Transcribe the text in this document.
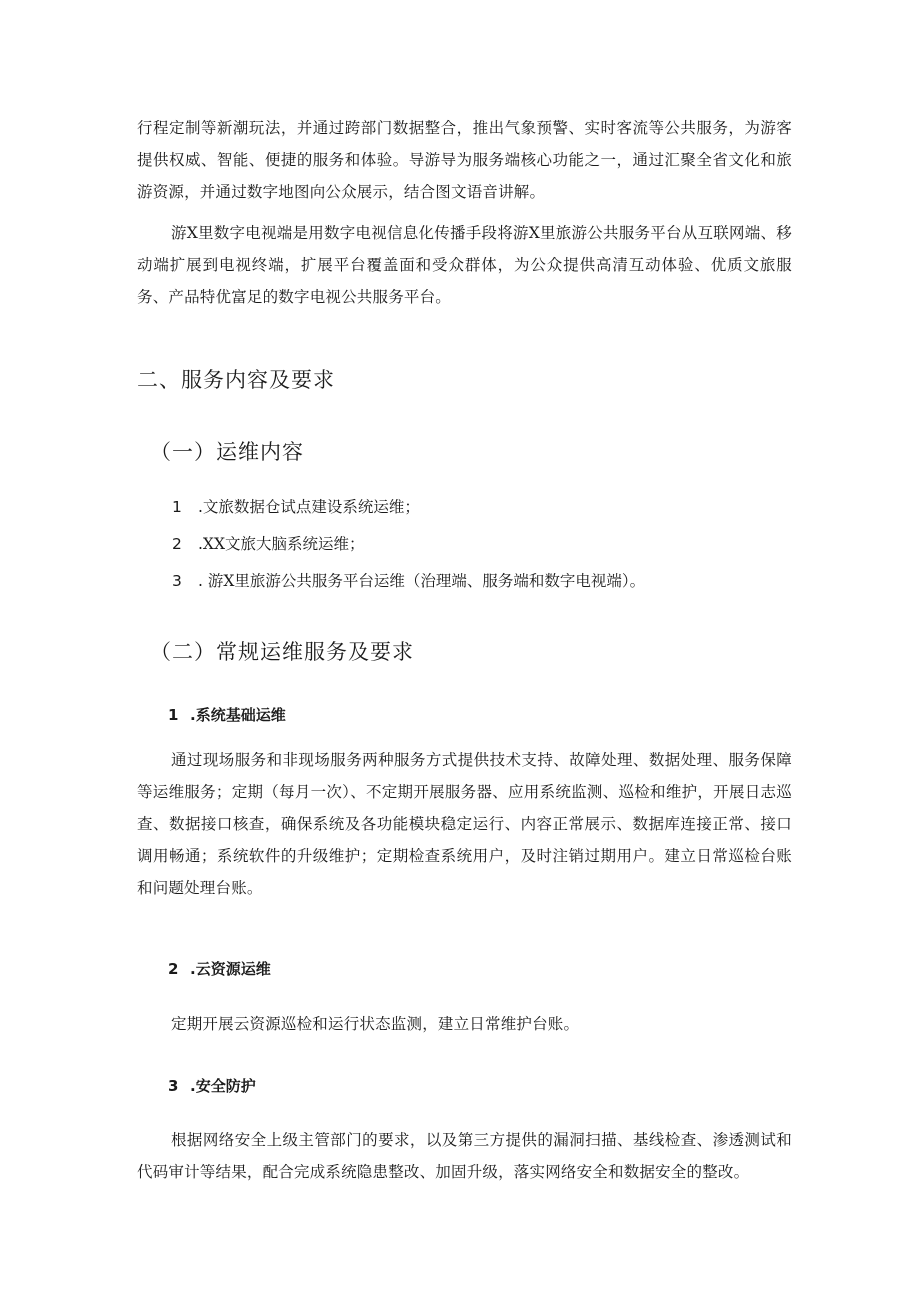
行程定制等新潮玩法，并通过跨部门数据整合，推出气象预警、实时客流等公共服务，为游客提供权威、智能、便捷的服务和体验。导游导为服务端核心功能之一，通过汇聚全省文化和旅游资源，并通过数字地图向公众展示，结合图文语音讲解。

游X里数字电视端是用数字电视信息化传播手段将游X里旅游公共服务平台从互联网端、移动端扩展到电视终端，扩展平台覆盖面和受众群体，为公众提供高清互动体验、优质文旅服务、产品特优富足的数字电视公共服务平台。

二、服务内容及要求
（一）运维内容

1 .文旅数据仓试点建设系统运维；

2 .XX文旅大脑系统运维；

3 . 游X里旅游公共服务平台运维（治理端、服务端和数字电视端）。

（二）常规运维服务及要求

1 .系统基础运维

通过现场服务和非现场服务两种服务方式提供技术支持、故障处理、数据处理、服务保障等运维服务；定期（每月一次）、不定期开展服务器、应用系统监测、巡检和维护，开展日志巡查、数据接口核查，确保系统及各功能模块稳定运行、内容正常展示、数据库连接正常、接口调用畅通；系统软件的升级维护；定期检查系统用户，及时注销过期用户。建立日常巡检台账和问题处理台账。

2 .云资源运维

定期开展云资源巡检和运行状态监测，建立日常维护台账。

3 .安全防护

根据网络安全上级主管部门的要求，以及第三方提供的漏洞扫描、基线检查、渗透测试和代码审计等结果，配合完成系统隐患整改、加固升级，落实网络安全和数据安全的整改。
